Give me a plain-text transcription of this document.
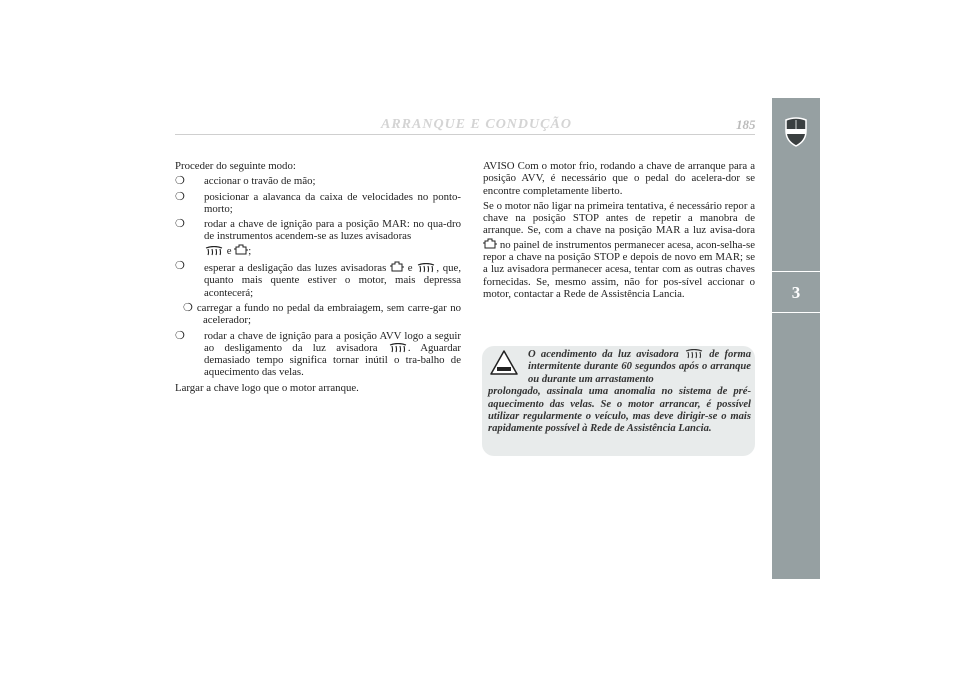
ARRANQUE E CONDUÇÃO	185
3

Proceder do seguinte modo:

❍ accionar o travão de mão;
❍ posicionar a alavanca da caixa de velocidades no ponto-morto;
❍ rodar a chave de ignição para a posição MAR: no qua-dro de instrumentos acendem-se as luzes avisadoras
e ;
❍ esperar a desligação das luzes avisadoras e , que, quanto mais quente estiver o motor, mais depressa acontecerá;
❍ carregar a fundo no pedal da embraiagem, sem carre-gar no acelerador;
❍ rodar a chave de ignição para a posição AVV logo a seguir ao desligamento da luz avisadora	. Aguardar demasiado tempo significa tornar inútil o tra-balho de aquecimento das velas.

Largar a chave logo que o motor arranque.

AVISO Com o motor frio, rodando a chave de arranque para a posição AVV, é necessário que o pedal do acelera-dor se encontre completamente liberto.

Se o motor não ligar na primeira tentativa, é necessário repor a chave na posição STOP antes de repetir a manobra de arranque. Se, com a chave na posição MAR a luz avisa-dora  no painel de instrumentos permanecer acesa, acon-selha-se repor a chave na posição STOP e depois de novo em MAR; se a luz avisadora permanecer acesa, tentar com as outras chaves fornecidas. Se, mesmo assim, não for pos-sível accionar o motor, contactar a Rede de Assistência Lancia.

O acendimento da luz avisadora	de forma intermitente durante 60 segundos após o arranque ou durante um arrastamento
prolongado, assinala uma anomalia no sistema de pré-aquecimento das velas. Se o motor arrancar, é possível utilizar regularmente o veículo, mas deve dirigir-se o mais rapidamente possível à Rede de Assistência Lancia.
